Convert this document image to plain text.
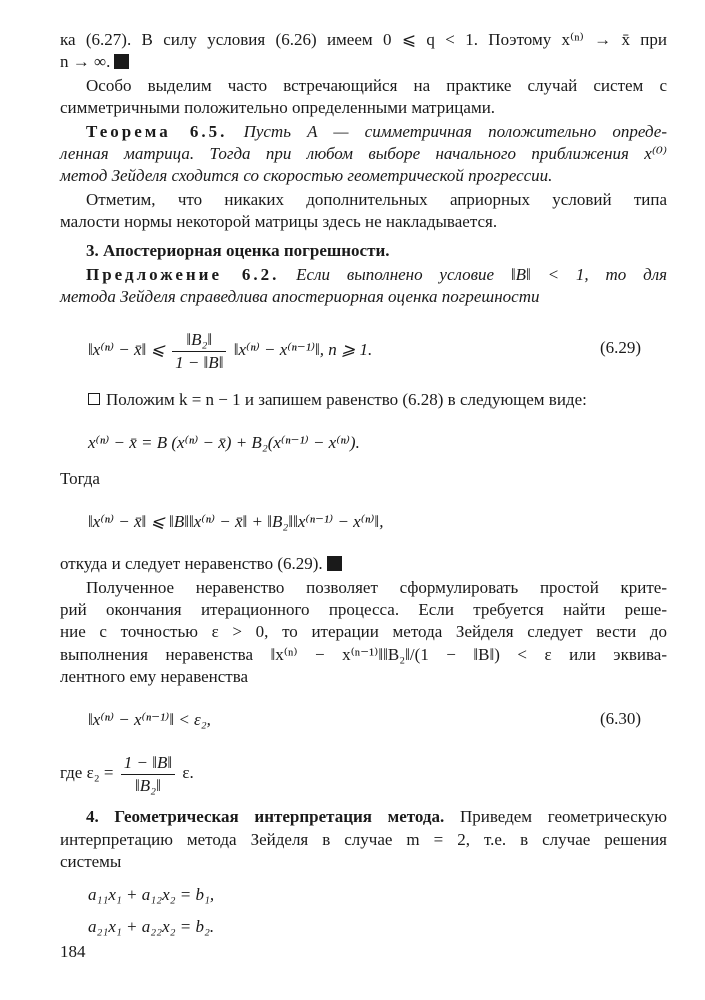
ка (6.27). В силу условия (6.26) имеем 0 ⩽ q < 1. Поэтому x⁽ⁿ⁾ → x̄ при
n → ∞.
Особо выделим часто встречающийся на практике случай систем с
симметричными положительно определенными матрицами.
Теорема 6.5. Пусть A — симметричная положительно опреде-
ленная матрица. Тогда при любом выборе начального приближения x⁽⁰⁾
метод Зейделя сходится со скоростью геометрической прогрессии.
Отметим, что никаких дополнительных априорных условий типа
малости нормы некоторой матрицы здесь не накладывается.
3. Апостериорная оценка погрешности.
Предложение 6.2. Если выполнено условие ‖B‖ < 1, то для
метода Зейделя справедлива апостериорная оценка погрешности
‖x⁽ⁿ⁾ − x̄‖ ⩽ $\frac{\text{‖B₂‖}}{1 - ‖B‖}$ ‖x⁽ⁿ⁾ − x⁽ⁿ⁻¹⁾‖, n ⩾ 1.	(6.29)
Положим k = n − 1 и запишем равенство (6.28) в следующем виде:
x⁽ⁿ⁾ − x̄ = B (x⁽ⁿ⁾ − x̄) + B₂(x⁽ⁿ⁻¹⁾ − x⁽ⁿ⁾).
Тогда
‖x⁽ⁿ⁾ − x̄‖ ⩽ ‖B‖‖x⁽ⁿ⁾ − x̄‖ + ‖B₂‖‖x⁽ⁿ⁻¹⁾ − x⁽ⁿ⁾‖,
откуда и следует неравенство (6.29).
Полученное неравенство позволяет сформулировать простой крите-
рий окончания итерационного процесса. Если требуется найти реше-
ние с точностью ε > 0, то итерации метода Зейделя следует вести до
выполнения неравенства ‖x⁽ⁿ⁾ − x⁽ⁿ⁻¹⁾‖‖B₂‖/(1 − ‖B‖) < ε или эквива-
лентного ему неравенства
‖x⁽ⁿ⁾ − x⁽ⁿ⁻¹⁾‖ < ε₂,	(6.30)
где $\varepsilon_2 = \frac{1 - ‖B‖}{\text{‖B₂‖}} \varepsilon$.
4. Геометрическая интерпретация метода. Приведем геометрическую
интерпретацию метода Зейделя в случае m = 2, т.е. в случае решения
системы
a₁₁x₁ + a₁₂x₂ = b₁,
a₂₁x₁ + a₂₂x₂ = b₂.
184
